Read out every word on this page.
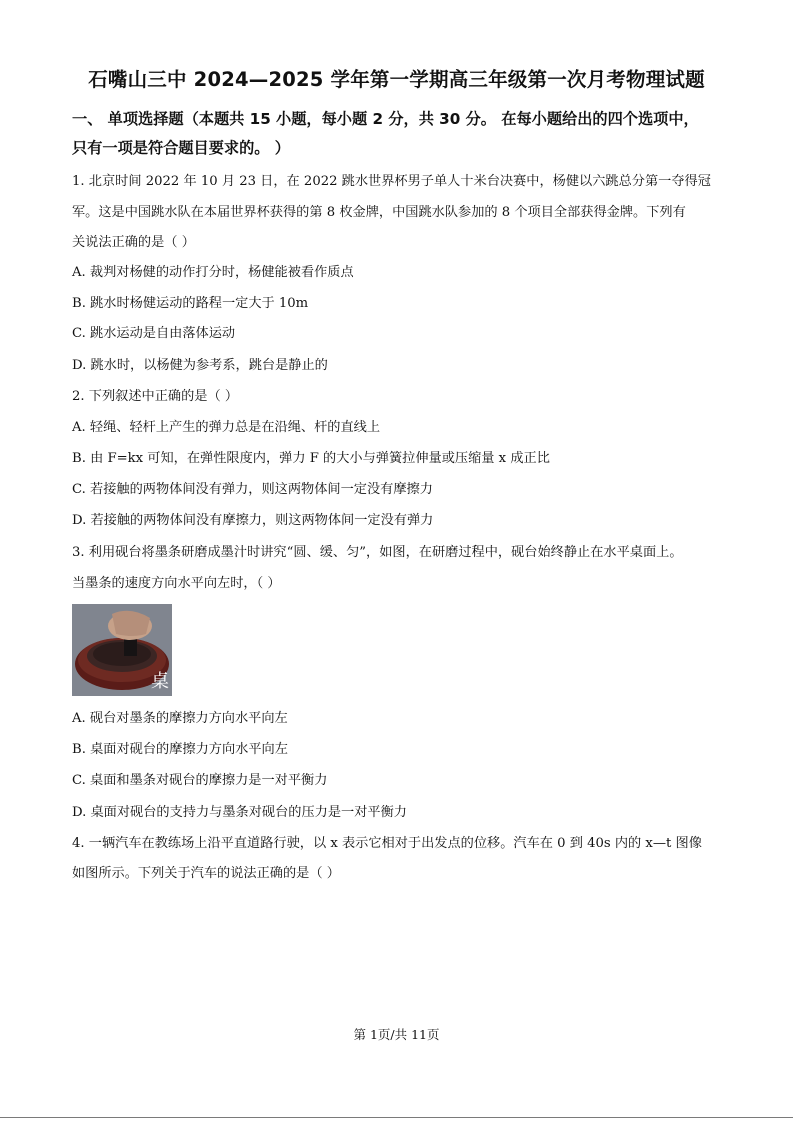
石嘴山三中 2024—2025 学年第一学期高三年级第一次月考物理试题
一、 单项选择题（本题共 15 小题，每小题 2 分，共 30 分。 在每小题给出的四个选项中，
只有一项是符合题目要求的。 ）
1. 北京时间 2022 年 10 月 23 日，在 2022 跳水世界杯男子单人十米台决赛中，杨健以六跳总分第一夺得冠
军。这是中国跳水队在本届世界杯获得的第 8 枚金牌，中国跳水队参加的 8 个项目全部获得金牌。下列有
关说法正确的是（ ）
A. 裁判对杨健的动作打分时，杨健能被看作质点
B. 跳水时杨健运动的路程一定大于 10m
C. 跳水运动是自由落体运动
D. 跳水时，以杨健为参考系，跳台是静止的
2. 下列叙述中正确的是（ ）
A. 轻绳、轻杆上产生的弹力总是在沿绳、杆的直线上
B. 由 F=kx 可知，在弹性限度内，弹力 F 的大小与弹簧拉伸量或压缩量 x 成正比
C. 若接触的两物体间没有弹力，则这两物体间一定没有摩擦力
D. 若接触的两物体间没有摩擦力，则这两物体间一定没有弹力
3. 利用砚台将墨条研磨成墨汁时讲究“圆、缓、匀”，如图，在研磨过程中，砚台始终静止在水平桌面上。
当墨条的速度方向水平向左时，（ ）
桌
A. 砚台对墨条的摩擦力方向水平向左
B. 桌面对砚台的摩擦力方向水平向左
C. 桌面和墨条对砚台的摩擦力是一对平衡力
D. 桌面对砚台的支持力与墨条对砚台的压力是一对平衡力
4. 一辆汽车在教练场上沿平直道路行驶，以 x 表示它相对于出发点的位移。汽车在 0 到 40s 内的 x—t 图像
如图所示。下列关于汽车的说法正确的是（ ）
第 1页/共 11页
